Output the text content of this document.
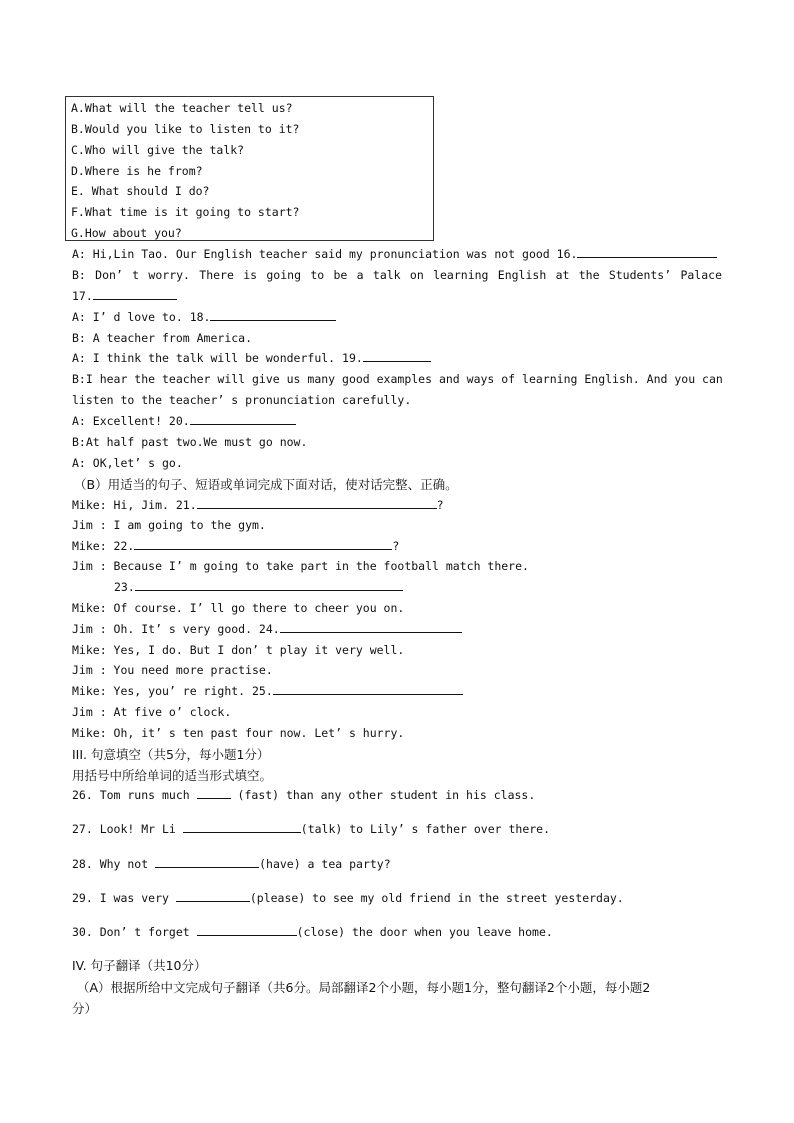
A.What will the teacher tell us?
B.Would you like to listen to it?
C.Who will give the talk?
D.Where is he from?
E. What should I do?
F.What time is it going to start?
G.How about you?
A: Hi,Lin Tao. Our English teacher said my pronunciation was not good 16.
B: Don’ t worry. There is going to be a talk on learning English at the Students’ Palace
17.
A: I’ d love to. 18.
B: A teacher from America.
A: I think the talk will be wonderful. 19.
B:I hear the teacher will give us many good examples and ways of learning English. And you can
listen to the teacher’ s pronunciation carefully.
A: Excellent! 20.
B:At half past two.We must go now.
A: OK,let’ s go.
（B）用适当的句子、短语或单词完成下面对话，使对话完整、正确。
Mike: Hi, Jim. 21.	?
Jim : I am going to the gym.
Mike: 22.	?
Jim : Because I’ m going to take part in the football match there.
23.
Mike: Of course. I’ ll go there to cheer you on.
Jim : Oh. It’ s very good. 24.
Mike: Yes, I do. But I don’ t play it very well.
Jim : You need more practise.
Mike: Yes, you’ re right. 25.
Jim : At five o’ clock.
Mike: Oh, it’ s ten past four now. Let’ s hurry.
III. 句意填空（共5分，每小题1分）
用括号中所给单词的适当形式填空。
26. Tom runs much	(fast) than any other student in his class.
27. Look! Mr Li	(talk) to Lily’ s father over there.
28. Why not	(have) a tea party?
29. I was very	(please) to see my old friend in the street yesterday.
30. Don’ t forget	(close) the door when you leave home.
IV. 句子翻译（共10分）
（A）根据所给中文完成句子翻译（共6分。局部翻译2个小题，每小题1分，整句翻译2个小题，每小题2
分）
